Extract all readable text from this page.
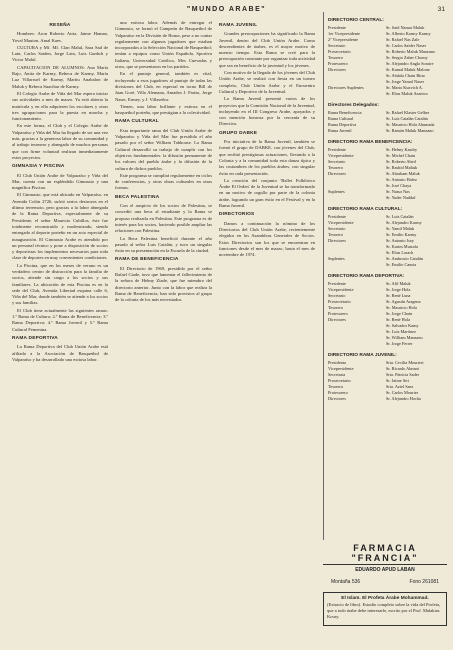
"MUNDO ARABE"	31
RESEÑA

Hombres: Aron Roberto Atria, Jaime Haman, Yoval Mauton, Amal Kaes.

CULTURA y Mf. Mf. Clan Malul, Sara Sad de Lain, Carlos Saiden, Jorge Lain, Luis Gunbch y Victor Malul.

CAPACITACION DE ALUMNOS: Ana María Rajo, Anita de Karmy, Rebeca de Karmy, María Luz Villarruel de Karmy, Martiu Anabalon de Maluk y Rebeca Suacibar de Karmy.

El Colegio Arabe de Viña del Mar espera iniciar sus actividades a mes de marzo. Ya está abierta la matrícula y en ella adquieren los escolares y otras tres agrupaciones para la puesta en marcha y funcionamiento.

En este forma, el Club y el Colegio Arabe de Valparaíso y Viña del Mar ha llegado de ser una vez más, gracias a la generosa labor de su comunidad y al trabajo tesonero y abnegado de muchos personas que con firme voluntad realizan inmediatamente estos proyectos.

GIMNASIA Y PISCINA

El Club Unión Arabe de Valparaíso y Viña del Mar, cuenta con un espléndido Gimnasio y una magnífica Piscina.

El Gimnasio, que está ubicado en Valparaíso, en Avenida Colón 2726, sufrió serios destrozos en el último terremoto, pero gracias a la labor abnegada de la Rama Deportiva, especialmente de su Presidente, el señor Mauricio Cubillos, éste fue totalmente reconstruido y modernizado, siendo entregado al deporte porteño en un acto especial de inauguración. El Gimnasio Arabe es atendido por un personal técnico y pone a disposición de socios y deportistas los implementos necesarios para toda clase de deportes en muy convenientes condiciones.

La Piscina, que en los meses de verano es un verdadero centro de distracción para la familia de socios, atiende sin cargo a los socios y sus familiares. La ubicación de esta Piscina es en la sede del Club, Avenida Libertad esquina calle 6, Viña del Mar, donde también se atiende a los socios y sus familias.

El Club tiene actualmente las siguientes ramas: 1.º Rama de Cultura; 2.º Rama de Beneficencia; 3.º Rama Deportiva; 4.º Rama Juvenil y 5.º Rama Cultural Femenina.

RAMA DEPORTIVA

La Rama Deportiva del Club Unión Arabe está afiliada a la Asociación de Basquetbol de Valparaíso y ha desarrollado una exitosa labor.

una exitosa labor. Además de entregar el Gimnasio, se formó el Campeón de Basquetbol de Valparaíso en la División de Honor, pese a no contar regularmente con algunos jugadores que estaban incorporados a la Selección Nacional de Basquetbol; tenían a equipos como Unión Española, Sportiva Italiana, Universidad Católica, Mes Cuevadas y otros, que se presentaron en los partidos.

En el puntaje general, también es vital, incluyendo a esos jugadores al puntaje de todas las divisiones del Club, en especial en torno Bill de Juan Goré, Villa Alemana, Amadeo J. Farías, Jorge Naser, Ermey, y J. Villaseñor.

Tienen, una labor brillante y exitosa en el basquetbol porteño, que prestigian a la colectividad.

RAMA CULTURAL

Esta importante rama del Club Unión Arabe de Valparaíso y Viña del Mar fue presidida el año pasado por el señor William Tabbouse. La Rama Cultural desarrolló su trabajo de cumplir con los objetivos fundamentales: la difusión permanente de los valores del pueblo árabe y la difusión de la cultura de dichos pueblos.

Este programa se cumplirá regularmente en ciclos de conferencias, y otras obras culturales en otras formas.

BECA PALESTINA

Con el auspicio de los socios de Palestina, se concedió una beca al estudiante y la Rama se propuso realizarla en Palestina. Este programa es de interés para los socios, haciendo posible ampliar las relaciones con Palestina.

La Beca Palestina benefició durante el año pasado al señor Luis Catalán, y tuvo un singular éxito en su presentación en la Escuela de la ciudad.

RAMA DE BENEFICENCIA

El Directorio de 1969, presidido por el señor Rafael Ciade, tuvo que lamentar el fallecimiento de la señora de Helmy Ziade, que fue miembro del directorio anterior. Junto con la labor que realiza la Rama de Beneficencia, han sido provistos al grupo de la colonia de los más necesitados.

RAMA JUVENIL

Grandes preocupaciones ha significado la Rama Juvenil, dentro del Club Unión Arabe. Como descendientes de árabes, es el mayor motivo de nuestro tiempo. Esta Rama se creó para la preocupación constante por organizar toda actividad que sea en beneficio de la juventud y los jóvenes.

Con motivo de la llegada de los jóvenes del Club Unión Arabe, se realizó con fiesta en un torneo completo, Club Unión Arabe y el Encuentro Cultural y Deportivo de la Juventud.

La Rama Juvenil presentó varios de los proyectos que la Comisión Nacional de la Juventud, incluyendo en el III Congreso Arabe, apoyados y con mención honrosa por la cercanía de su Directiva.

GRUPO DABKE

Por iniciativa de la Rama Juvenil, también se formó el grupo de DABKE, con jóvenes del Club, que recibió prestigiosas actuaciones, llevando a la Colonia y a la comunidad toda esta danza típica y las costumbres de los pueblos árabes, con singular éxito en cada presentación.

La creación del conjunto 'Ballet Folklórico Árabe El Orden' de la Juventud se ha transformado en un motivo de orgullo por parte de la colonia árabe, logrando un gran éxito en el Festival y en la Rama Juvenil.

DIRECTORIOS

Damos a continuación la nómina de los Directorios del Club Unión Arabe, recientemente elegidos en los Asambleas Generales de Socios. Estos Directorios son los que se encuentran en funciones desde el mes de marzo, hasta el mes de noviembre de 1974.

DIRECTORIO CENTRAL:
Presidente	Sr. Said Namar Maluk
1er Vicepresidente	Sr. Alberto Karmy Karmy
2º Vicepresidente	Sr. Rafael Nas Zale
Secretario	Sr. Carlos Saider Naser
Prosecretario	Sr. Roberto Maluk Manzano
Tesorero	Sr. Sergio Zaher Chomy
Protesorero	Sr. Alejandro Angla Soraire
Directores	Sr. Kamal Maluk Malone
Sr. Abdala Chain Bitar
Sr. Jorge Yamal Naser
Directores Suplentes	Sr. Mario Kuzvich A.
Sr. Elias Maluk Azanico
Directores Delegados:
Rama Beneficencia	Sr. Rafael Klaster Gelber
Rama Cultural	Sr. Luis Catalán Catalán
Rama Deportiva	Sr. Mauricio Hola Ahumada
Rama Juvenil	Sr. Ramón Maluk Manzano
DIRECTORIO RAMA BENEFICENCIA:
Presidente	Sr. Helmy Kazdry
Vicepresidente	Sr. Michel Chain
Secretario	Sr. Roberto Abed
Tesorero	Sr. Rashid Maltuk
Directores	Sr. Abraham Maluk
Sr. Antonio Hafez
Sr. José Chaya
Suplentes	Sr. Nasur Nas
Sr. Yuder Naddaf
DIRECTORIO RAMA CULTURAL:
Presidente	Sr. Luis Catalán
Vicepresidente	Sr. Alejandro Karmy
Secretario	Sr. Yamil Maluk
Tesorero	Sr. Emilio Karmy
Directores	Sr. Antonio Jury
Sr. Karim Mustafa
Sr. Elias Larach
Suplentes	Sr. Ambrosio Catalán
Sr. Emilio Cansia
DIRECTORIO RAMA DEPORTIVA:
Presidente	Sr. Alif Maluk
Vicepresidente	Sr. Jorge Hola
Secretario	Sr. René Luna
Prosecretario	Sr. Agustín Aragena
Tesorero	Sr. Mauricio Hola
Protesorero	Sr. Jorge Chain
Directores	Sr. René Hola
Sr. Salvador Kamy
Sr. Luis Martínez
Sr. William Manzano
Sr. Jorge Ferrer
DIRECTORIO RAMA JUVENIL:
Presidenta	Srta. Cecilia Mourieri
Vicepresidente	Sr. Ricardo Abnani
Secretaria	Srta. Patricia Sader
Prosecretario	Sr. Jaime Siri
Tesorera	Srta. Aziel Saez
Protesorero	Sr. Carlos Mourier
Directores	Sr. Alejandro Hocha
FARMACIA "FRANCIA"
EDUARDO APUD LABAN
Montaña 536	Fono 261081
El Islam. El Profeta Árabe Mohammad.
(Extracto de libro). Estudio completo sobre la vida del Profeta, que a todo árabe debe interesarle, escrito por el Prof. Malakias Koury.
